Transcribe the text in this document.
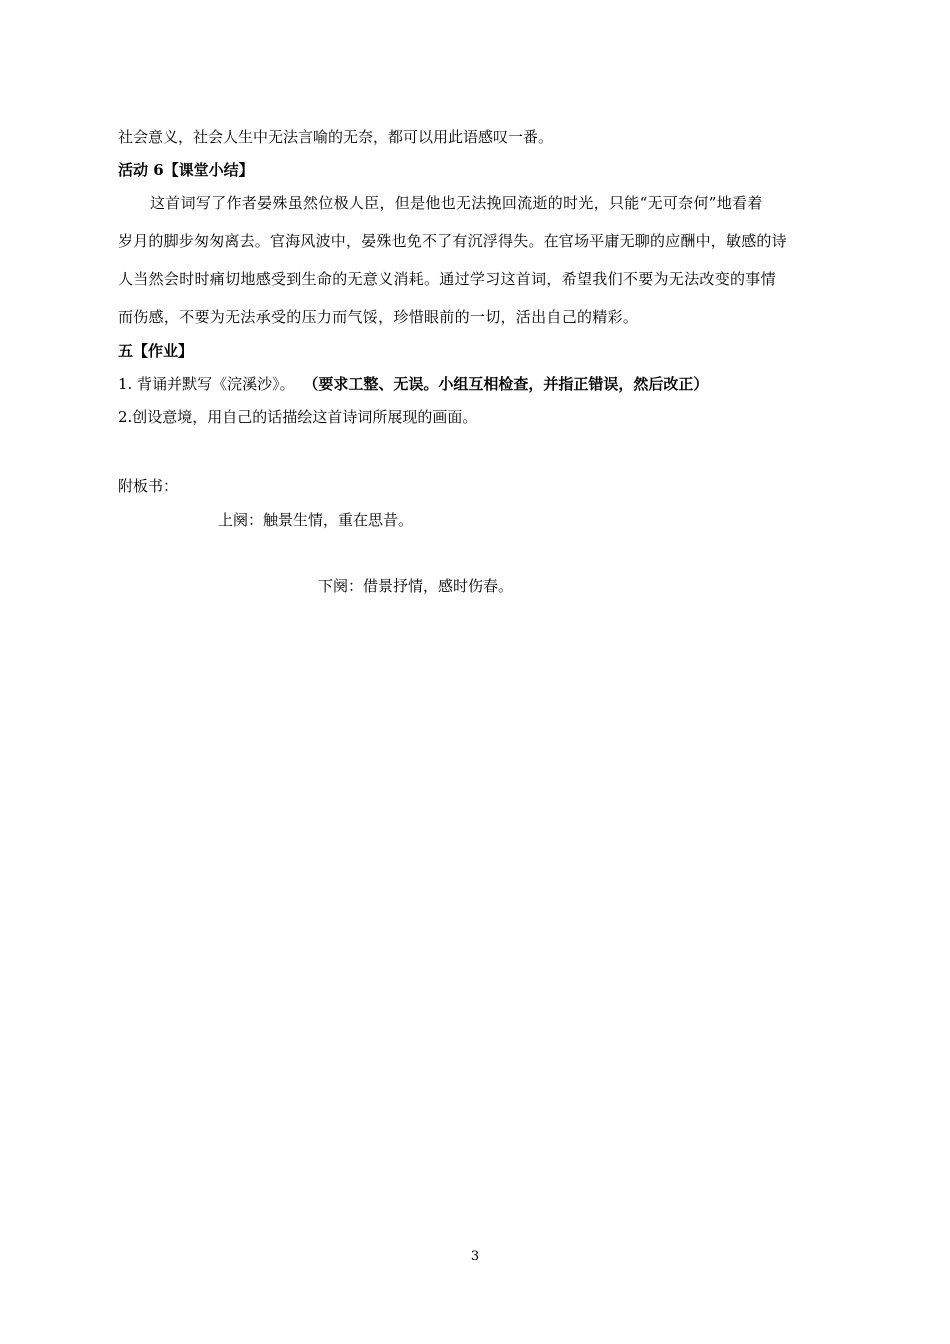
社会意义，社会人生中无法言喻的无奈，都可以用此语感叹一番。
活动 6【课堂小结】
这首词写了作者晏殊虽然位极人臣，但是他也无法挽回流逝的时光，只能“无可奈何”地看着
岁月的脚步匆匆离去。官海风波中，晏殊也免不了有沉浮得失。在官场平庸无聊的应酬中，敏感的诗
人当然会时时痛切地感受到生命的无意义消耗。通过学习这首词，希望我们不要为无法改变的事情
而伤感，不要为无法承受的压力而气馁，珍惜眼前的一切，活出自己的精彩。
五【作业】
1. 背诵并默写《浣溪沙》。 （要求工整、无误。小组互相检查，并指正错误，然后改正）
2.创设意境，用自己的话描绘这首诗词所展现的画面。
附板书：
上阕：触景生情，重在思昔。
下阕：借景抒情，感时伤春。
3
